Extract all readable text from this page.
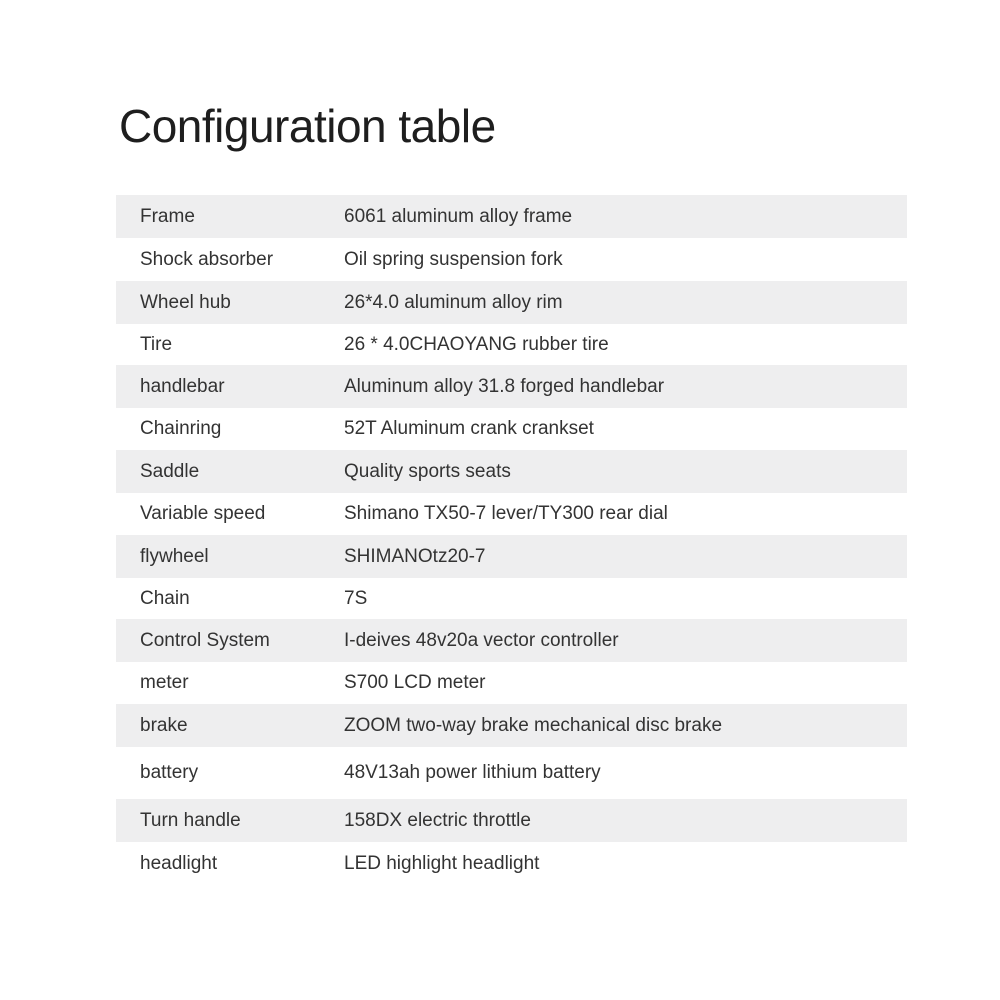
Configuration table
Frame	6061 aluminum alloy frame
Shock absorber	Oil spring suspension fork
Wheel hub	26*4.0 aluminum alloy rim
Tire	26 * 4.0CHAOYANG rubber tire
handlebar	Aluminum alloy 31.8 forged handlebar
Chainring	52T Aluminum crank crankset
Saddle	Quality sports seats
Variable speed	Shimano TX50-7 lever/TY300 rear dial
flywheel	SHIMANOtz20-7
Chain	7S
Control System	I-deives 48v20a vector controller
meter	S700 LCD meter
brake	ZOOM two-way brake mechanical disc brake
battery	48V13ah power lithium battery
Turn handle	158DX electric throttle
headlight	LED highlight headlight
